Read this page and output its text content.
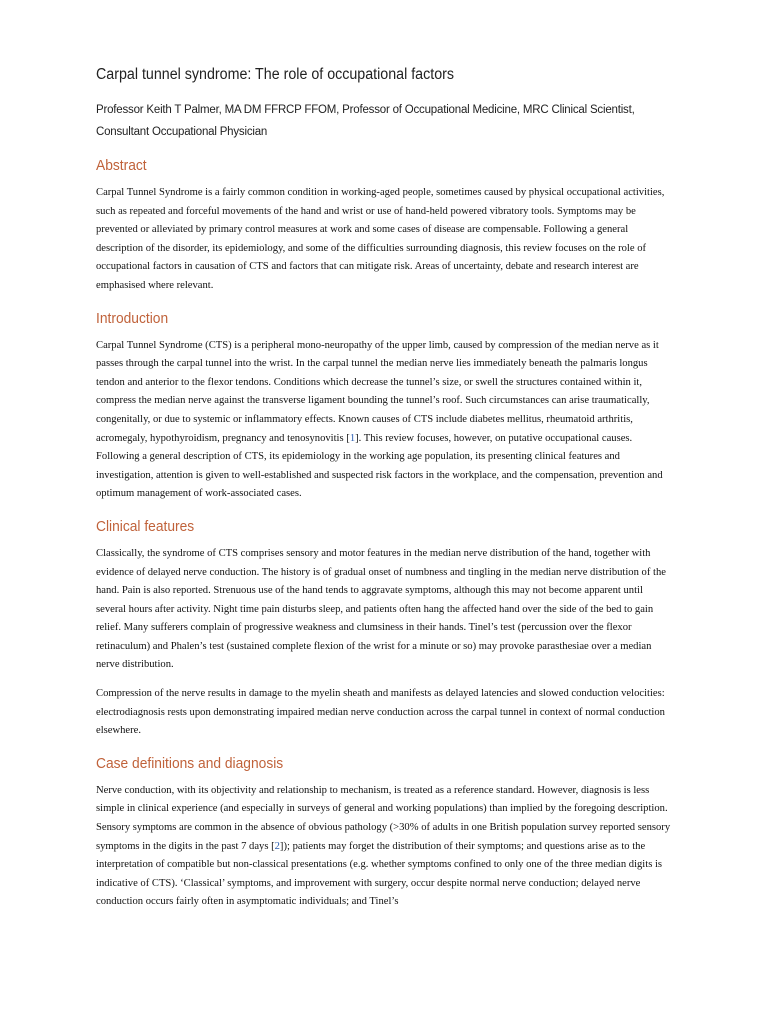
Carpal tunnel syndrome: The role of occupational factors
Professor Keith T Palmer, MA DM FFRCP FFOM, Professor of Occupational Medicine, MRC Clinical Scientist, Consultant Occupational Physician
Abstract

Carpal Tunnel Syndrome is a fairly common condition in working-aged people, sometimes caused by physical occupational activities, such as repeated and forceful movements of the hand and wrist or use of hand-held powered vibratory tools. Symptoms may be prevented or alleviated by primary control measures at work and some cases of disease are compensable. Following a general description of the disorder, its epidemiology, and some of the difficulties surrounding diagnosis, this review focuses on the role of occupational factors in causation of CTS and factors that can mitigate risk. Areas of uncertainty, debate and research interest are emphasised where relevant.

Introduction

Carpal Tunnel Syndrome (CTS) is a peripheral mono-neuropathy of the upper limb, caused by compression of the median nerve as it passes through the carpal tunnel into the wrist. In the carpal tunnel the median nerve lies immediately beneath the palmaris longus tendon and anterior to the flexor tendons. Conditions which decrease the tunnel’s size, or swell the structures contained within it, compress the median nerve against the transverse ligament bounding the tunnel’s roof. Such circumstances can arise traumatically, congenitally, or due to systemic or inflammatory effects. Known causes of CTS include diabetes mellitus, rheumatoid arthritis, acromegaly, hypothyroidism, pregnancy and tenosynovitis [1]. This review focuses, however, on putative occupational causes. Following a general description of CTS, its epidemiology in the working age population, its presenting clinical features and investigation, attention is given to well-established and suspected risk factors in the workplace, and the compensation, prevention and optimum management of work-associated cases.

Clinical features

Classically, the syndrome of CTS comprises sensory and motor features in the median nerve distribution of the hand, together with evidence of delayed nerve conduction. The history is of gradual onset of numbness and tingling in the median nerve distribution of the hand. Pain is also reported. Strenuous use of the hand tends to aggravate symptoms, although this may not become apparent until several hours after activity. Night time pain disturbs sleep, and patients often hang the affected hand over the side of the bed to gain relief. Many sufferers complain of progressive weakness and clumsiness in their hands. Tinel’s test (percussion over the flexor retinaculum) and Phalen’s test (sustained complete flexion of the wrist for a minute or so) may provoke parasthesiae over a median nerve distribution.

Compression of the nerve results in damage to the myelin sheath and manifests as delayed latencies and slowed conduction velocities: electrodiagnosis rests upon demonstrating impaired median nerve conduction across the carpal tunnel in context of normal conduction elsewhere.

Case definitions and diagnosis

Nerve conduction, with its objectivity and relationship to mechanism, is treated as a reference standard. However, diagnosis is less simple in clinical experience (and especially in surveys of general and working populations) than implied by the foregoing description. Sensory symptoms are common in the absence of obvious pathology (>30% of adults in one British population survey reported sensory symptoms in the digits in the past 7 days [2]); patients may forget the distribution of their symptoms; and questions arise as to the interpretation of compatible but non-classical presentations (e.g. whether symptoms confined to only one of the three median digits is indicative of CTS). ‘Classical’ symptoms, and improvement with surgery, occur despite normal nerve conduction; delayed nerve conduction occurs fairly often in asymptomatic individuals; and Tinel’s
